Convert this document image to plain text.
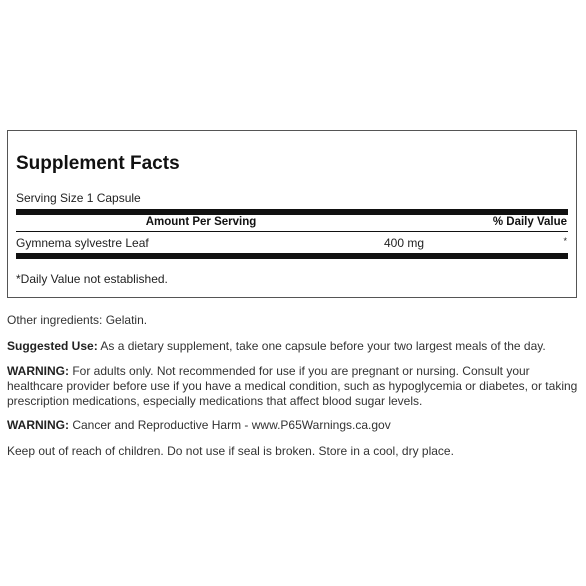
Supplement Facts
Serving Size 1 Capsule
Amount Per Serving	% Daily Value
Gymnema sylvestre Leaf	400 mg	*
*Daily Value not established.

Other ingredients: Gelatin.

Suggested Use: As a dietary supplement, take one capsule before your two largest meals of the day.

WARNING: For adults only. Not recommended for use if you are pregnant or nursing. Consult your healthcare provider before use if you have a medical condition, such as hypoglycemia or diabetes, or taking prescription medications, especially medications that affect blood sugar levels.

WARNING: Cancer and Reproductive Harm - www.P65Warnings.ca.gov

Keep out of reach of children. Do not use if seal is broken. Store in a cool, dry place.
